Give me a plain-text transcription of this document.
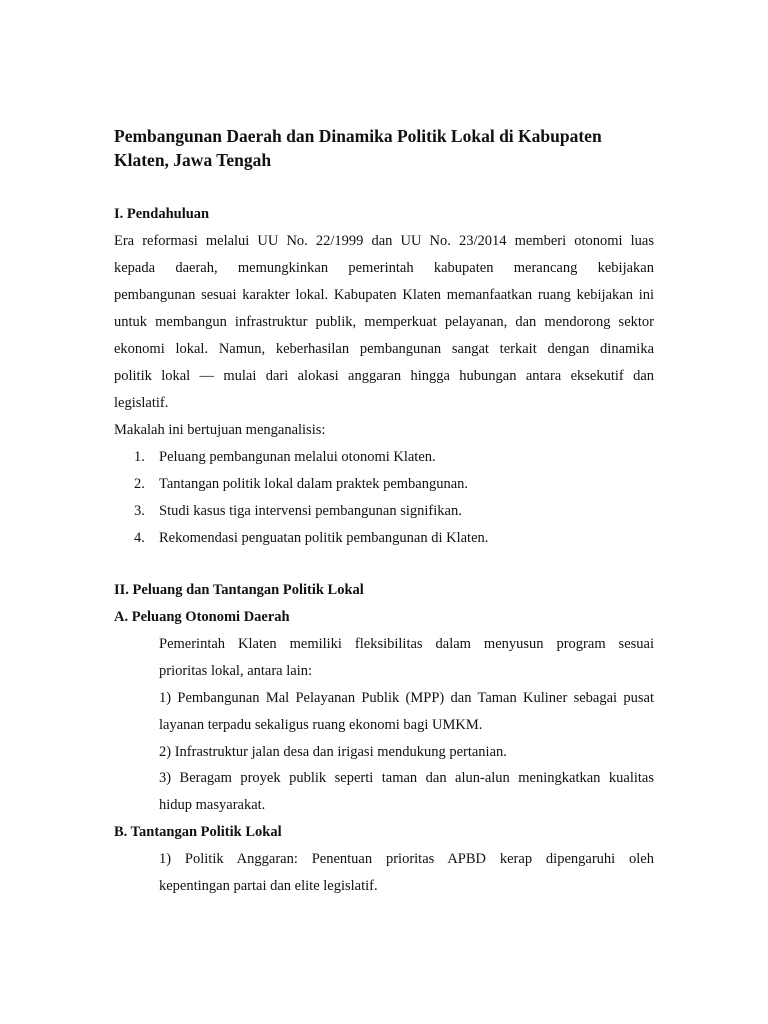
Pembangunan Daerah dan Dinamika Politik Lokal di Kabupaten Klaten, Jawa Tengah
I. Pendahuluan
Era reformasi melalui UU No. 22/1999 dan UU No. 23/2014 memberi otonomi luas
kepada daerah, memungkinkan pemerintah kabupaten merancang kebijakan
pembangunan sesuai karakter lokal. Kabupaten Klaten memanfaatkan ruang kebijakan ini
untuk membangun infrastruktur publik, memperkuat pelayanan, dan mendorong sektor
ekonomi lokal. Namun, keberhasilan pembangunan sangat terkait dengan dinamika
politik lokal — mulai dari alokasi anggaran hingga hubungan antara eksekutif dan
legislatif.
Makalah ini bertujuan menganalisis:
1. Peluang pembangunan melalui otonomi Klaten.
2. Tantangan politik lokal dalam praktek pembangunan.
3. Studi kasus tiga intervensi pembangunan signifikan.
4. Rekomendasi penguatan politik pembangunan di Klaten.
II. Peluang dan Tantangan Politik Lokal
A. Peluang Otonomi Daerah
Pemerintah Klaten memiliki fleksibilitas dalam menyusun program sesuai
prioritas lokal, antara lain:
1) Pembangunan Mal Pelayanan Publik (MPP) dan Taman Kuliner sebagai pusat
layanan terpadu sekaligus ruang ekonomi bagi UMKM.
2) Infrastruktur jalan desa dan irigasi mendukung pertanian.
3) Beragam proyek publik seperti taman dan alun-alun meningkatkan kualitas
hidup masyarakat.
B. Tantangan Politik Lokal
1) Politik Anggaran: Penentuan prioritas APBD kerap dipengaruhi oleh
kepentingan partai dan elite legislatif.
